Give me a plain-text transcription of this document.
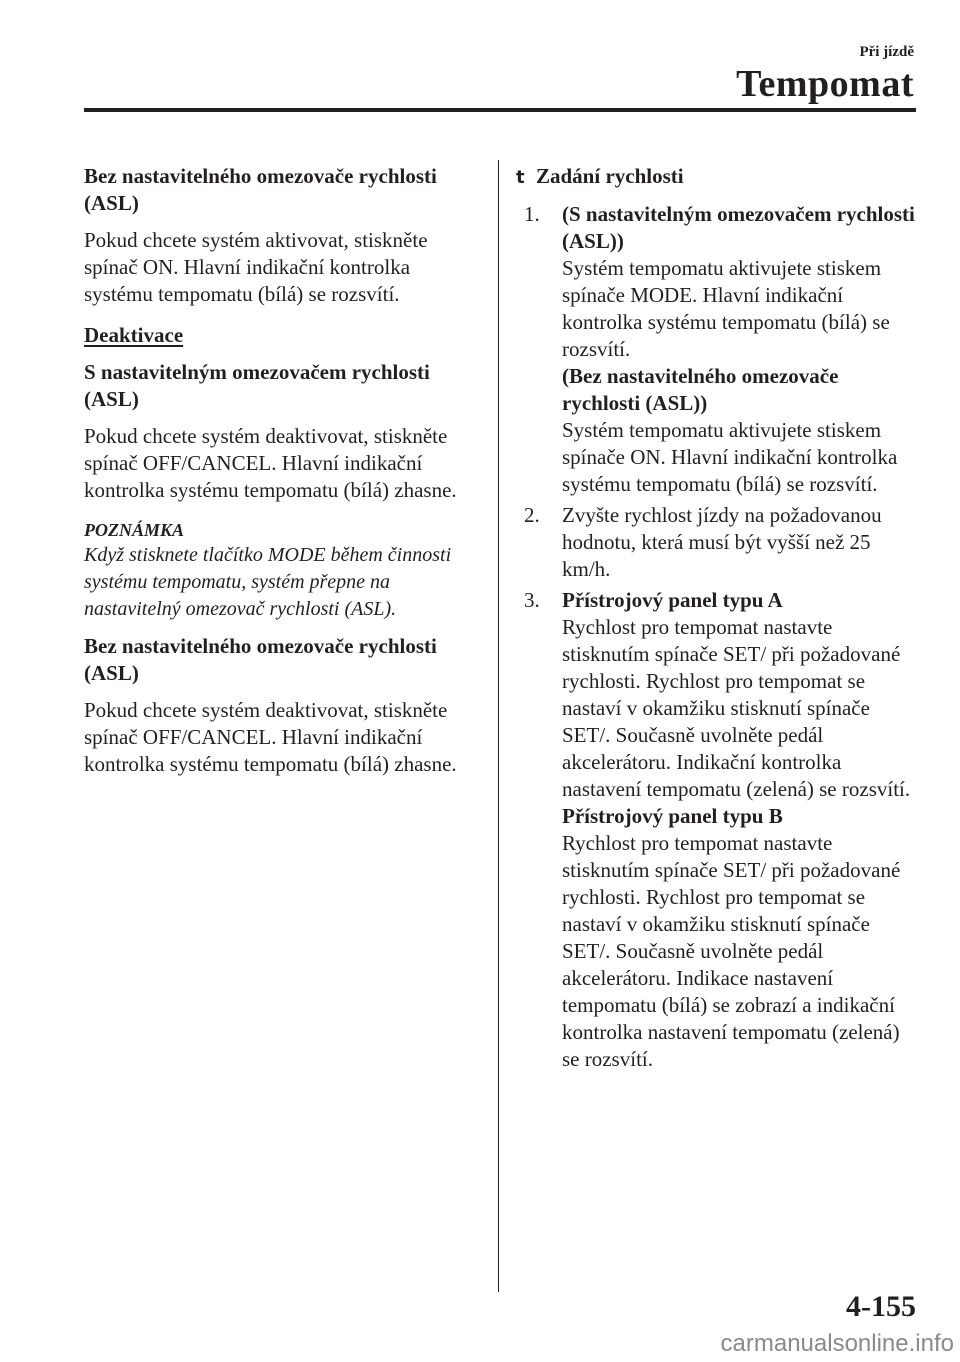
Při jízdě
Tempomat

Bez nastavitelného omezovače rychlosti (ASL)

Pokud chcete systém aktivovat, stiskněte spínač ON. Hlavní indikační kontrolka systému tempomatu (bílá) se rozsvítí.

Deaktivace

S nastavitelným omezovačem rychlosti (ASL)

Pokud chcete systém deaktivovat, stiskněte spínač OFF/CANCEL. Hlavní indikační kontrolka systému tempomatu (bílá) zhasne.

POZNÁMKA

Když stisknete tlačítko MODE během činnosti systému tempomatu, systém přepne na nastavitelný omezovač rychlosti (ASL).

Bez nastavitelného omezovače rychlosti (ASL)

Pokud chcete systém deaktivovat, stiskněte spínač OFF/CANCEL. Hlavní indikační kontrolka systému tempomatu (bílá) zhasne.

t Zadání rychlosti

1. (S nastavitelným omezovačem rychlosti (ASL))
Systém tempomatu aktivujete stiskem spínače MODE. Hlavní indikační kontrolka systému tempomatu (bílá) se rozsvítí.
(Bez nastavitelného omezovače rychlosti (ASL))
Systém tempomatu aktivujete stiskem spínače ON. Hlavní indikační kontrolka systému tempomatu (bílá) se rozsvítí.
2. Zvyšte rychlost jízdy na požadovanou hodnotu, která musí být vyšší než 25 km/h.
3. Přístrojový panel typu A
Rychlost pro tempomat nastavte stisknutím spínače SET/ při požadované rychlosti. Rychlost pro tempomat se nastaví v okamžiku stisknutí spínače SET/. Současně uvolněte pedál akcelerátoru. Indikační kontrolka nastavení tempomatu (zelená) se rozsvítí.
Přístrojový panel typu B
Rychlost pro tempomat nastavte stisknutím spínače SET/ při požadované rychlosti. Rychlost pro tempomat se nastaví v okamžiku stisknutí spínače SET/. Současně uvolněte pedál akcelerátoru. Indikace nastavení tempomatu (bílá) se zobrazí a indikační kontrolka nastavení tempomatu (zelená) se rozsvítí.
4-155
carmanualsonline.info
